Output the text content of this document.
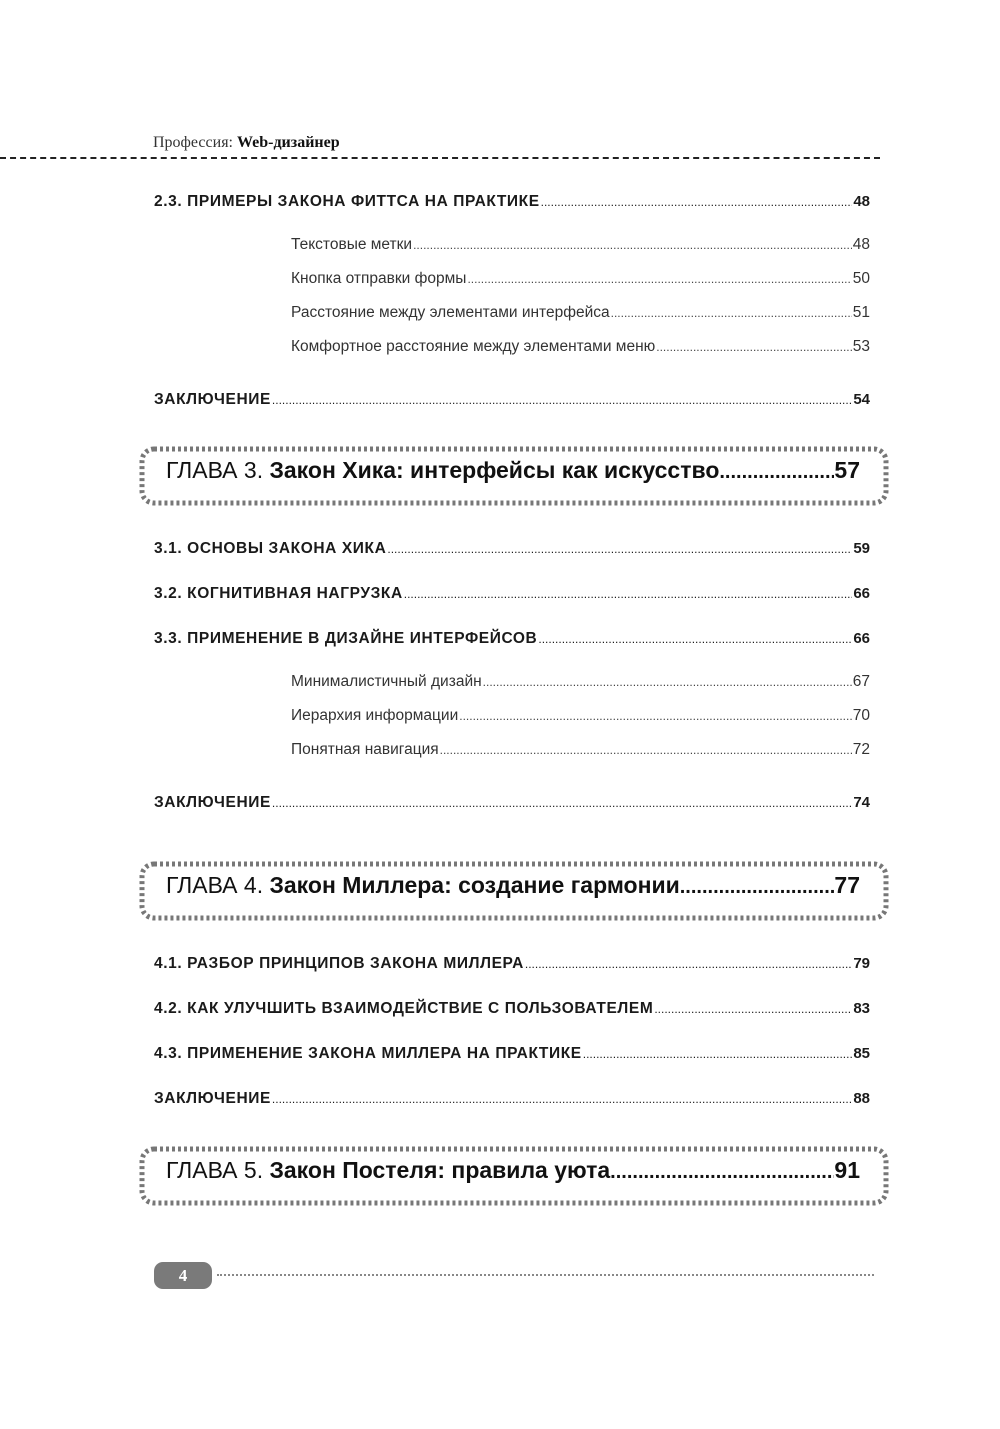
Профессия: Web-дизайнер
2.3. ПРИМЕРЫ ЗАКОНА ФИТТСА НА ПРАКТИКЕ .....	48
Текстовые метки .....	48
Кнопка отправки формы .....	50
Расстояние между элементами интерфейса .....	51
Комфортное расстояние между элементами меню .....	53
ЗАКЛЮЧЕНИЕ .....	54
ГЛАВА 3.
Закон Хика: интерфейсы как искусство .....	57
3.1. ОСНОВЫ ЗАКОНА ХИКА .....	59
3.2. КОГНИТИВНАЯ НАГРУЗКА .....	66
3.3. ПРИМЕНЕНИЕ В ДИЗАЙНЕ ИНТЕРФЕЙСОВ .....	66
Минималистичный дизайн .....	67
Иерархия информации .....	70
Понятная навигация .....	72
ЗАКЛЮЧЕНИЕ .....	74
ГЛАВА 4.
Закон Миллера: создание гармонии .....	77
4.1. РАЗБОР ПРИНЦИПОВ ЗАКОНА МИЛЛЕРА .....	79
4.2. КАК УЛУЧШИТЬ ВЗАИМОДЕЙСТВИЕ С ПОЛЬЗОВАТЕЛЕМ .....	83
4.3. ПРИМЕНЕНИЕ ЗАКОНА МИЛЛЕРА НА ПРАКТИКЕ .....	85
ЗАКЛЮЧЕНИЕ .....	88
ГЛАВА 5.
Закон Постеля: правила уюта .....	91
4
